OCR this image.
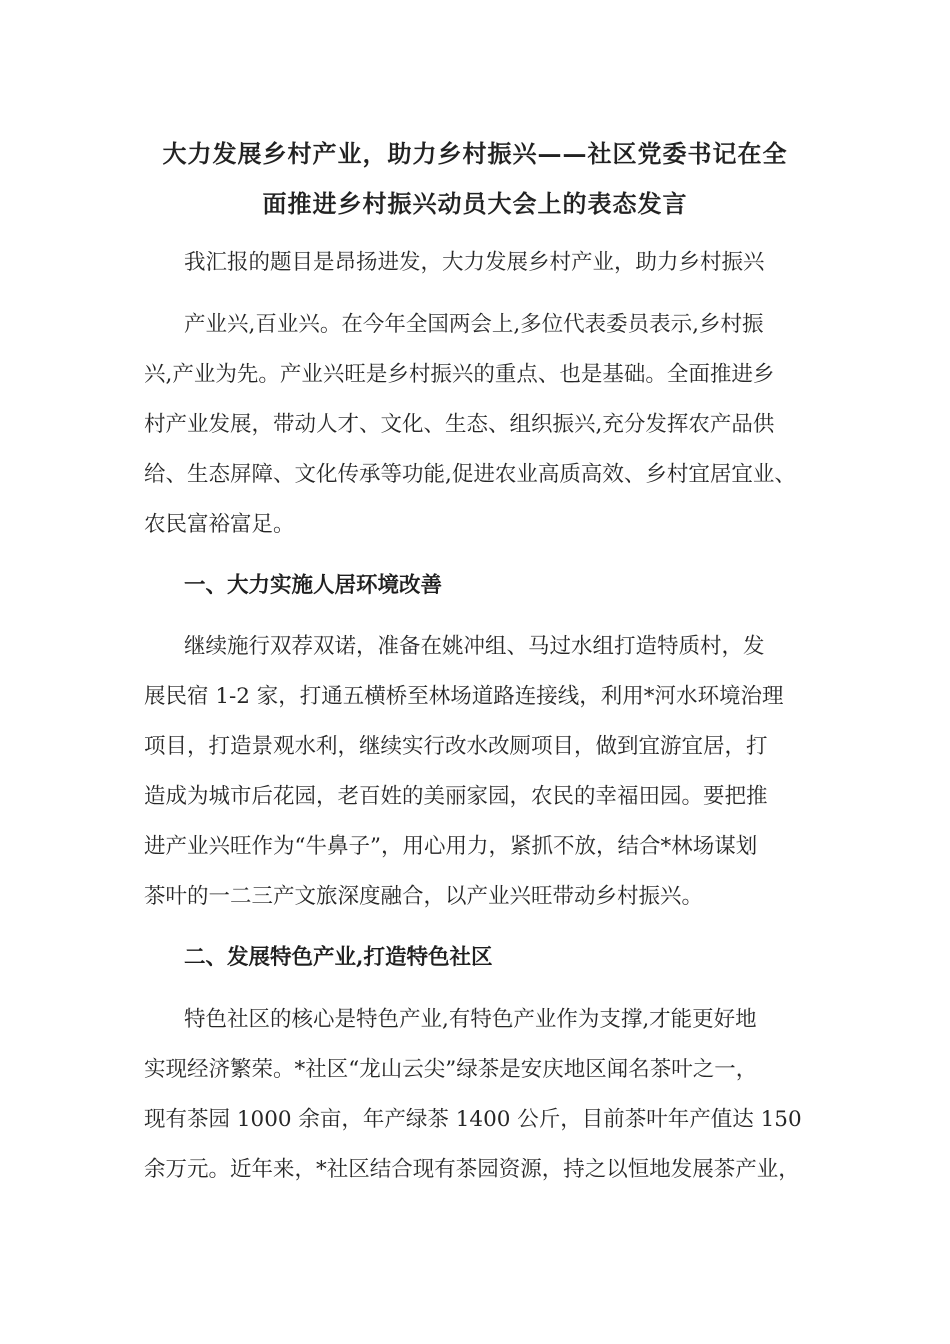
大力发展乡村产业，助力乡村振兴——社区党委书记在全
面推进乡村振兴动员大会上的表态发言

我汇报的题目是昂扬进发，大力发展乡村产业，助力乡村振兴

产业兴,百业兴。在今年全国两会上,多位代表委员表示,乡村振

兴,产业为先。产业兴旺是乡村振兴的重点、也是基础。全面推进乡

村产业发展，带动人才、文化、生态、组织振兴,充分发挥农产品供

给、生态屏障、文化传承等功能,促进农业高质高效、乡村宜居宜业、

农民富裕富足。

一、大力实施人居环境改善

继续施行双荐双诺，准备在姚冲组、马过水组打造特质村，发

展民宿 1-2 家，打通五横桥至林场道路连接线，利用*河水环境治理

项目，打造景观水利，继续实行改水改厕项目，做到宜游宜居，打

造成为城市后花园，老百姓的美丽家园，农民的幸福田园。要把推

进产业兴旺作为“牛鼻子”，用心用力，紧抓不放，结合*林场谋划

茶叶的一二三产文旅深度融合，以产业兴旺带动乡村振兴。

二、发展特色产业,打造特色社区

特色社区的核心是特色产业,有特色产业作为支撑,才能更好地

实现经济繁荣。*社区“龙山云尖”绿茶是安庆地区闻名茶叶之一，

现有茶园 1000 余亩，年产绿茶 1400 公斤，目前茶叶年产值达 150

余万元。近年来，*社区结合现有茶园资源，持之以恒地发展茶产业，
